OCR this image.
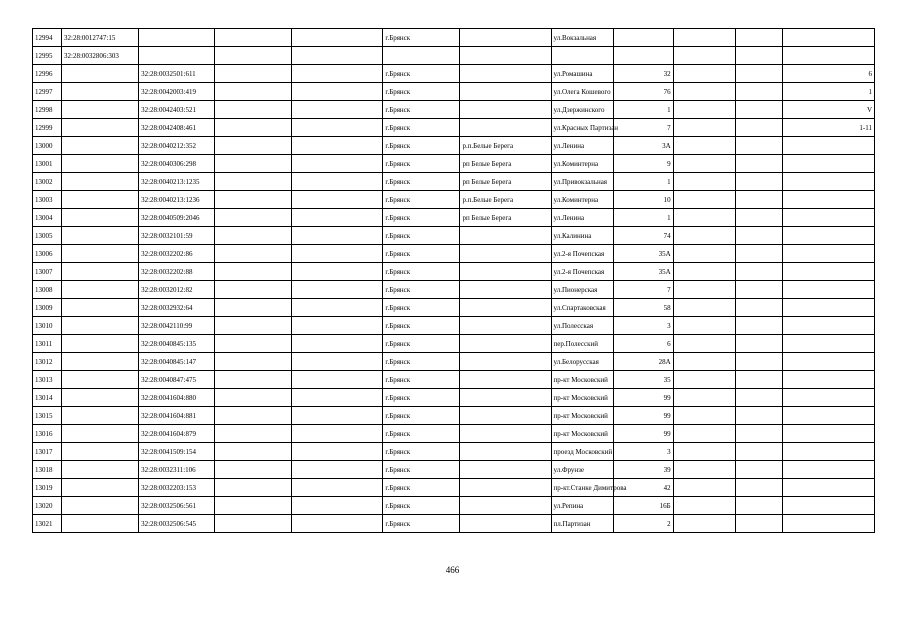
12994	32:28:0012747:15				г.Брянск		ул.Вокзальная				
12995	32:28:0032806:303										
12996		32:28:0032501:611			г.Брянск		ул.Ромашина	32			6
12997		32:28:0042003:419			г.Брянск		ул.Олега Кошевого	76			1
12998		32:28:0042403:521			г.Брянск		ул.Дзержинского	1			V
12999		32:28:0042408:461			г.Брянск		ул.Красных Партизан	7			1-11
13000		32:28:0040212:352			г.Брянск	р.п.Белые Берега	ул.Ленина	3А			
13001		32:28:0040306:298			г.Брянск	рп Белые Берега	ул.Коминтерна	9			
13002		32:28:0040213:1235			г.Брянск	рп Белые Берега	ул.Привокзальная	1			
13003		32:28:0040213:1236			г.Брянск	р.п.Белые Берега	ул.Коминтерна	10			
13004		32:28:0040509:2046			г.Брянск	рп Белые Берега	ул.Ленина	1			
13005		32:28:0032101:59			г.Брянск		ул.Калинина	74			
13006		32:28:0032202:86			г.Брянск		ул.2-я Почепская	35А			
13007		32:28:0032202:88			г.Брянск		ул.2-я Почепская	35А			
13008		32:28:0032012:82			г.Брянск		ул.Пионерская	7			
13009		32:28:0032932:64			г.Брянск		ул.Спартаковская	58			
13010		32:28:0042110:99			г.Брянск		ул.Полесская	3			
13011		32:28:0040845:135			г.Брянск		пер.Полесский	6			
13012		32:28:0040845:147			г.Брянск		ул.Белорусская	28А			
13013		32:28:0040847:475			г.Брянск		пр-кт Московский	35			
13014		32:28:0041604:880			г.Брянск		пр-кт Московский	99			
13015		32:28:0041604:881			г.Брянск		пр-кт Московский	99			
13016		32:28:0041604:879			г.Брянск		пр-кт Московский	99			
13017		32:28:0041509:154			г.Брянск		проезд Московский	3			
13018		32:28:0032311:106			г.Брянск		ул.Фрунзе	39			
13019		32:28:0032203:153			г.Брянск		пр-кт.Станке Димитрова	42			
13020		32:28:0032506:561			г.Брянск		ул.Репина	16Б			
13021		32:28:0032506:545			г.Брянск		пл.Партизан	2			
466
